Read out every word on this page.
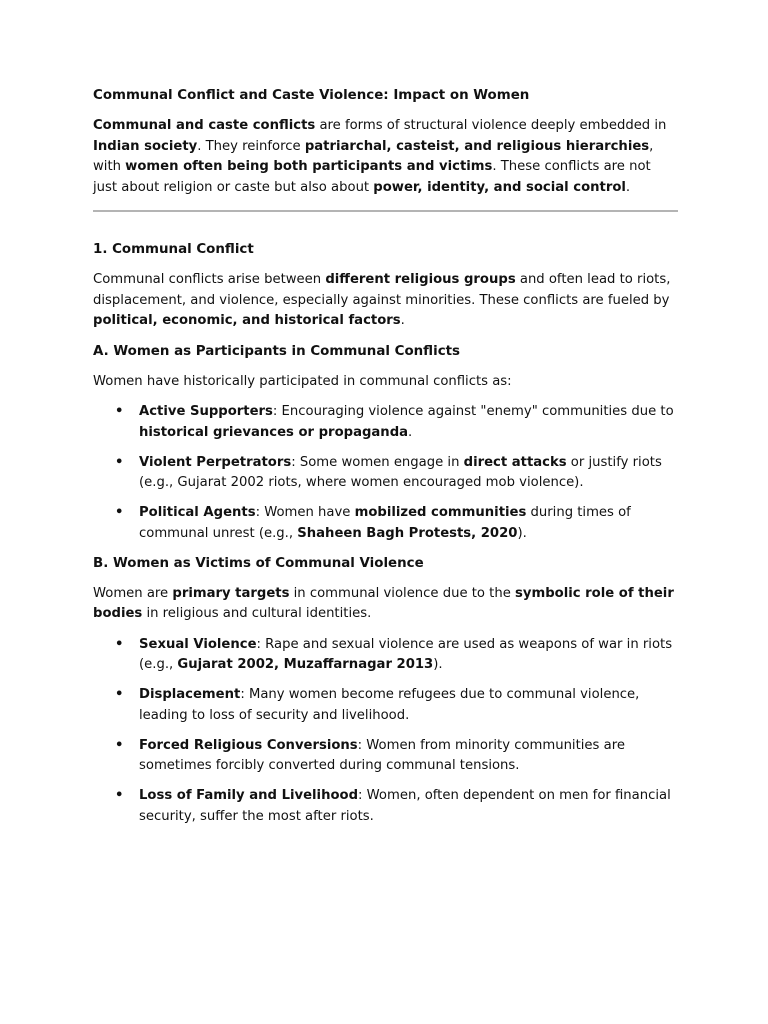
Communal Conflict and Caste Violence: Impact on Women

Communal and caste conflicts are forms of structural violence deeply embedded in Indian society. They reinforce patriarchal, casteist, and religious hierarchies, with women often being both participants and victims. These conflicts are not just about religion or caste but also about power, identity, and social control.

1. Communal Conflict

Communal conflicts arise between different religious groups and often lead to riots, displacement, and violence, especially against minorities. These conflicts are fueled by political, economic, and historical factors.

A. Women as Participants in Communal Conflicts

Women have historically participated in communal conflicts as:

• Active Supporters: Encouraging violence against "enemy" communities due to historical grievances or propaganda.
• Violent Perpetrators: Some women engage in direct attacks or justify riots (e.g., Gujarat 2002 riots, where women encouraged mob violence).
• Political Agents: Women have mobilized communities during times of communal unrest (e.g., Shaheen Bagh Protests, 2020).
B. Women as Victims of Communal Violence

Women are primary targets in communal violence due to the symbolic role of their bodies in religious and cultural identities.

• Sexual Violence: Rape and sexual violence are used as weapons of war in riots (e.g., Gujarat 2002, Muzaffarnagar 2013).
• Displacement: Many women become refugees due to communal violence, leading to loss of security and livelihood.
• Forced Religious Conversions: Women from minority communities are sometimes forcibly converted during communal tensions.
• Loss of Family and Livelihood: Women, often dependent on men for financial security, suffer the most after riots.
